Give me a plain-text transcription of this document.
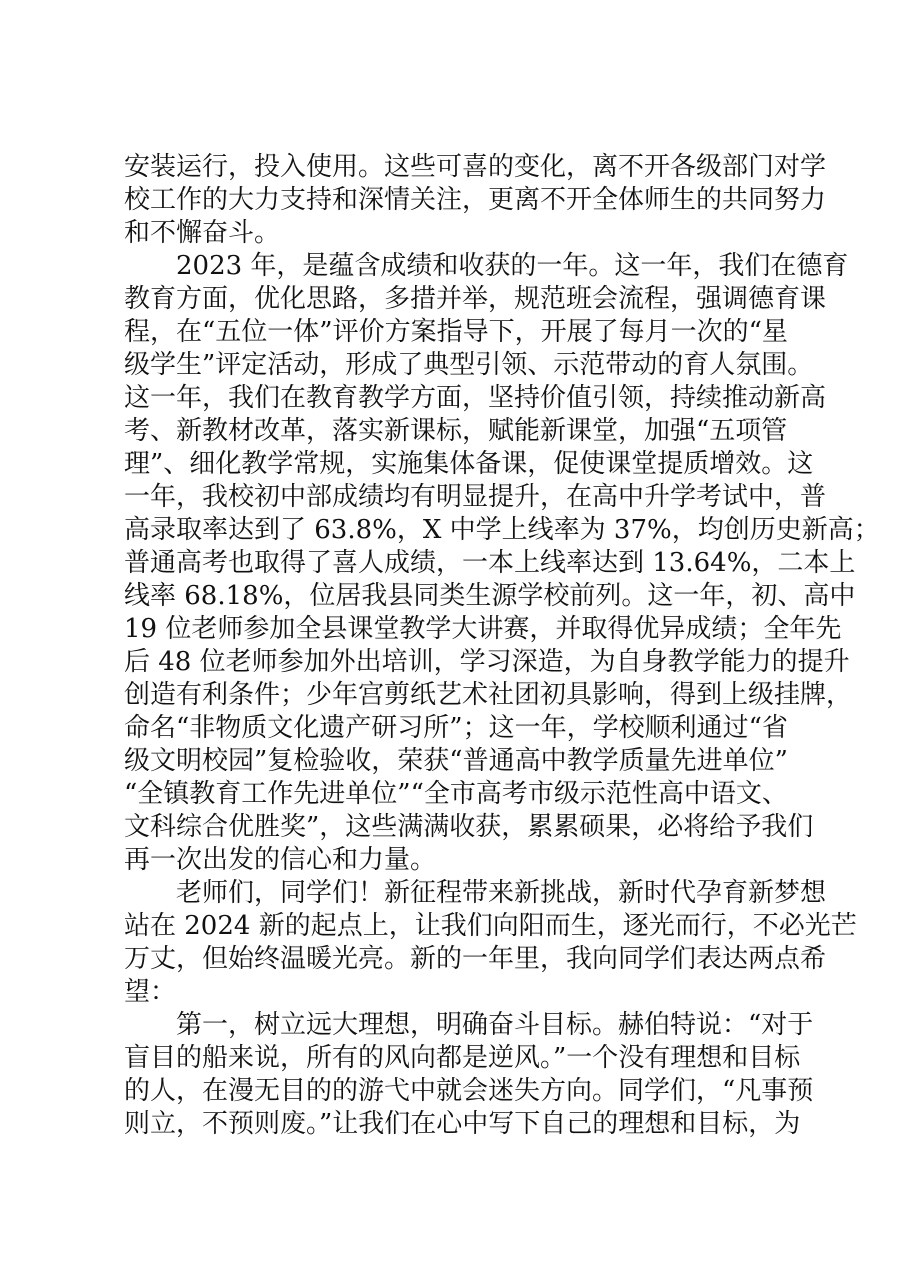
安装运行，投入使用。这些可喜的变化，离不开各级部门对学
校工作的大力支持和深情关注，更离不开全体师生的共同努力
和不懈奋斗。
2023 年，是蕴含成绩和收获的一年。这一年，我们在德育
教育方面，优化思路，多措并举，规范班会流程，强调德育课
程，在“五位一体”评价方案指导下，开展了每月一次的“星
级学生”评定活动，形成了典型引领、示范带动的育人氛围。
这一年，我们在教育教学方面，坚持价值引领，持续推动新高
考、新教材改革，落实新课标，赋能新课堂，加强“五项管
理”、细化教学常规，实施集体备课，促使课堂提质增效。这
一年，我校初中部成绩均有明显提升，在高中升学考试中，普
高录取率达到了 63.8%，X 中学上线率为 37%，均创历史新高；
普通高考也取得了喜人成绩，一本上线率达到 13.64%，二本上
线率 68.18%，位居我县同类生源学校前列。这一年，初、高中
19 位老师参加全县课堂教学大讲赛，并取得优异成绩；全年先
后 48 位老师参加外出培训，学习深造，为自身教学能力的提升
创造有利条件；少年宫剪纸艺术社团初具影响，得到上级挂牌，
命名“非物质文化遗产研习所”；这一年，学校顺利通过“省
级文明校园”复检验收，荣获“普通高中教学质量先进单位”
“全镇教育工作先进单位”“全市高考市级示范性高中语文、
文科综合优胜奖”，这些满满收获，累累硕果，必将给予我们
再一次出发的信心和力量。
老师们，同学们！新征程带来新挑战，新时代孕育新梦想
站在 2024 新的起点上，让我们向阳而生，逐光而行，不必光芒
万丈，但始终温暖光亮。新的一年里，我向同学们表达两点希
望：
第一，树立远大理想，明确奋斗目标。赫伯特说：“对于
盲目的船来说，所有的风向都是逆风。”一个没有理想和目标
的人，在漫无目的的游弋中就会迷失方向。同学们，“凡事预
则立，不预则废。”让我们在心中写下自己的理想和目标，为
